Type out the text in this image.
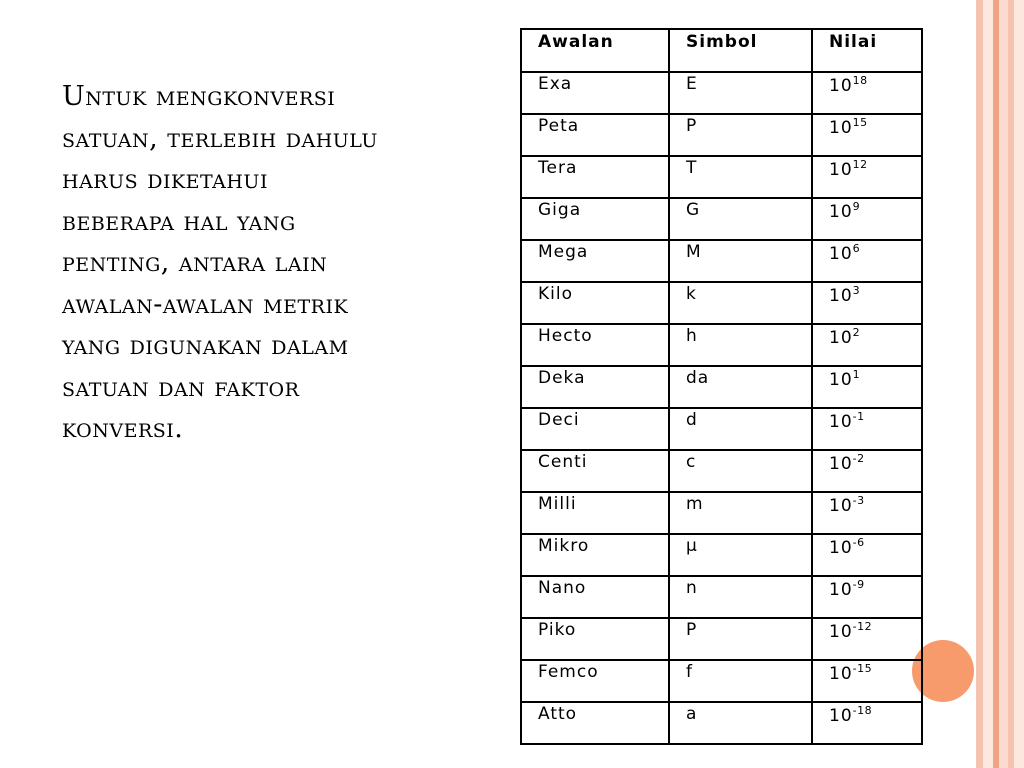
Untuk mengkonversi
satuan, terlebih dahulu
harus diketahui
beberapa hal yang
penting, antara lain
awalan-awalan metrik
yang digunakan dalam
satuan dan faktor
konversi.
Awalan	Simbol	Nilai
Exa	E	$10^{18}$
Peta	P	$10^{15}$
Tera	T	$10^{12}$
Giga	G	$10^9$
Mega	M	$10^6$
Kilo	k	$10^3$
Hecto	h	$10^2$
Deka	da	$10^1$
Deci	d	$10^{-1}$
Centi	c	$10^{-2}$
Milli	m	$10^{-3}$
Mikro	μ	$10^{-6}$
Nano	n	$10^{-9}$
Piko	P	$10^{-12}$
Femco	f	$10^{-15}$
Atto	a	$10^{-18}$
